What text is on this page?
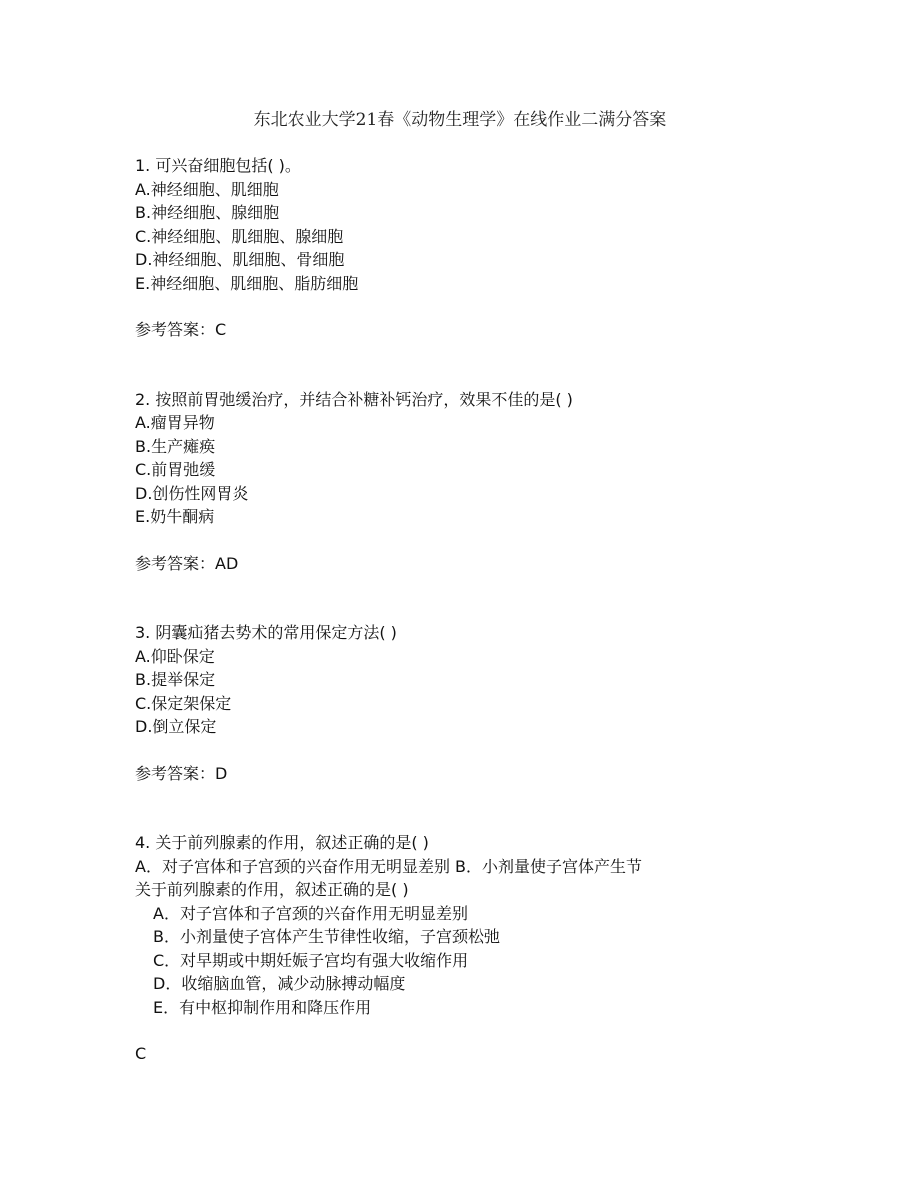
东北农业大学21春《动物生理学》在线作业二满分答案
1. 可兴奋细胞包括( )。
A.神经细胞、肌细胞
B.神经细胞、腺细胞
C.神经细胞、肌细胞、腺细胞
D.神经细胞、肌细胞、骨细胞
E.神经细胞、肌细胞、脂肪细胞
参考答案：C
2. 按照前胃弛缓治疗，并结合补糖补钙治疗，效果不佳的是( )
A.瘤胃异物
B.生产瘫痪
C.前胃弛缓
D.创伤性网胃炎
E.奶牛酮病
参考答案：AD
3. 阴囊疝猪去势术的常用保定方法( )
A.仰卧保定
B.提举保定
C.保定架保定
D.倒立保定
参考答案：D
4. 关于前列腺素的作用，叙述正确的是( )
A．对子宫体和子宫颈的兴奋作用无明显差别 B．小剂量使子宫体产生节
关于前列腺素的作用，叙述正确的是( )
A．对子宫体和子宫颈的兴奋作用无明显差别
B．小剂量使子宫体产生节律性收缩，子宫颈松弛
C．对早期或中期妊娠子宫均有强大收缩作用
D．收缩脑血管，减少动脉搏动幅度
E．有中枢抑制作用和降压作用
C
